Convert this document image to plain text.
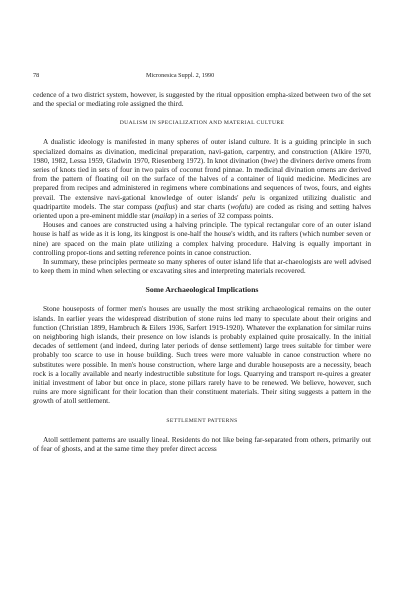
78	Micronesica Suppl. 2, 1990

cedence of a two district system, however, is suggested by the ritual opposition empha-sized between two of the set and the special or mediating role assigned the third.

DUALISM IN SPECIALIZATION AND MATERIAL CULTURE

A dualistic ideology is manifested in many spheres of outer island culture. It is a guiding principle in such specialized domains as divination, medicinal preparation, navi-gation, carpentry, and construction (Alkire 1970, 1980, 1982, Lessa 1959, Gladwin 1970, Riesenberg 1972). In knot divination (bwe) the diviners derive omens from series of knots tied in sets of four in two pairs of coconut frond pinnae. In medicinal divination omens are derived from the pattern of floating oil on the surface of the halves of a container of liquid medicine. Medicines are prepared from recipes and administered in regimens where combinations and sequences of twos, fours, and eights prevail. The extensive navi-gational knowledge of outer islands' pelu is organized utilizing dualistic and quadripartite models. The star compass (pafius) and star charts (wofalu) are coded as rising and setting halves oriented upon a pre-eminent middle star (mailap) in a series of 32 compass points.

Houses and canoes are constructed using a halving principle. The typical rectangular core of an outer island house is half as wide as it is long, its kingpost is one-half the house's width, and its rafters (which number seven or nine) are spaced on the main plate utilizing a complex halving procedure. Halving is equally important in controlling propor-tions and setting reference points in canoe construction.

In summary, these principles permeate so many spheres of outer island life that ar-chaeologists are well advised to keep them in mind when selecting or excavating sites and interpreting materials recovered.

Some Archaeological Implications

Stone houseposts of former men's houses are usually the most striking archaeological remains on the outer islands. In earlier years the widespread distribution of stone ruins led many to speculate about their origins and function (Christian 1899, Hambruch & Eilers 1936, Sarfert 1919-1920). Whatever the explanation for similar ruins on neighboring high islands, their presence on low islands is probably explained quite prosaically. In the initial decades of settlement (and indeed, during later periods of dense settlement) large trees suitable for timber were probably too scarce to use in house building. Such trees were more valuable in canoe construction where no substitutes were possible. In men's house construction, where large and durable houseposts are a necessity, beach rock is a locally available and nearly indestructible substitute for logs. Quarrying and transport re-quires a greater initial investment of labor but once in place, stone pillars rarely have to be renewed. We believe, however, such ruins are more significant for their location than their constituent materials. Their siting suggests a pattern in the growth of atoll settlement.

SETTLEMENT PATTERNS

Atoll settlement patterns are usually lineal. Residents do not like being far-separated from others, primarily out of fear of ghosts, and at the same time they prefer direct access
